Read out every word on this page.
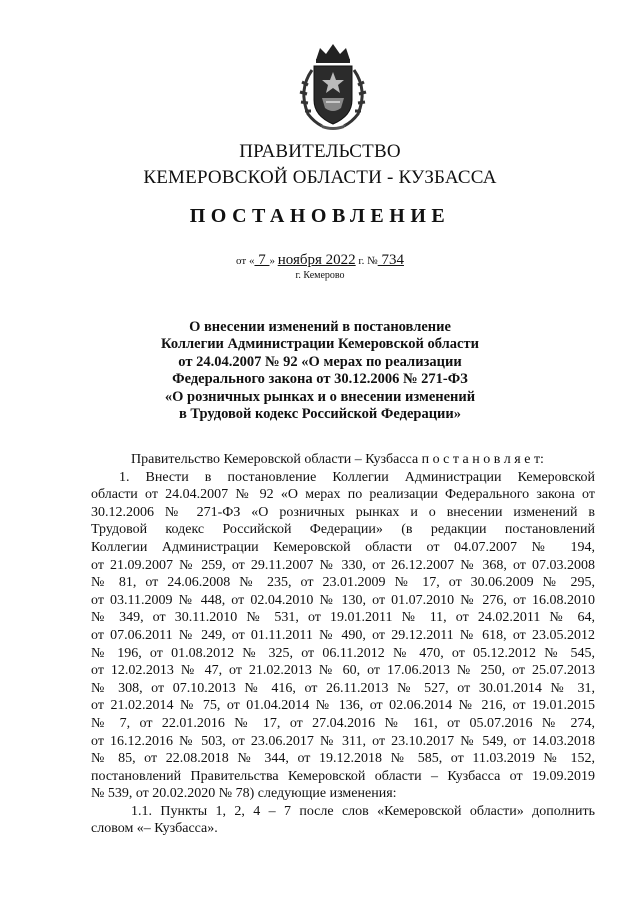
ПРАВИТЕЛЬСТВО
КЕМЕРОВСКОЙ ОБЛАСТИ - КУЗБАССА
ПОСТАНОВЛЕНИЕ
от « 7 » ноября 2022 г. № 734
г. Кемерово
О внесении изменений в постановление
Коллегии Администрации Кемеровской области
от 24.04.2007 № 92 «О мерах по реализации
Федерального закона от 30.12.2006 № 271-ФЗ
«О розничных рынках и о внесении изменений
в Трудовой кодекс Российской Федерации»
Правительство Кемеровской области – Кузбасса п о с т а н о в л я е т:
1. Внести в постановление Коллегии Администрации Кемеровской
области от 24.04.2007 № 92 «О мерах по реализации Федерального закона от
30.12.2006 № 271-ФЗ «О розничных рынках и о внесении изменений в
Трудовой кодекс Российской Федерации» (в редакции постановлений
Коллегии Администрации Кемеровской области от 04.07.2007 № 194,
от 21.09.2007 № 259, от 29.11.2007 № 330, от 26.12.2007 № 368, от 07.03.2008
№ 81, от 24.06.2008 № 235, от 23.01.2009 № 17, от 30.06.2009 № 295,
от 03.11.2009 № 448, от 02.04.2010 № 130, от 01.07.2010 № 276, от 16.08.2010
№ 349, от 30.11.2010 № 531, от 19.01.2011 № 11, от 24.02.2011 № 64,
от 07.06.2011 № 249, от 01.11.2011 № 490, от 29.12.2011 № 618, от 23.05.2012
№ 196, от 01.08.2012 № 325, от 06.11.2012 № 470, от 05.12.2012 № 545,
от 12.02.2013 № 47, от 21.02.2013 № 60, от 17.06.2013 № 250, от 25.07.2013
№ 308, от 07.10.2013 № 416, от 26.11.2013 № 527, от 30.01.2014 № 31,
от 21.02.2014 № 75, от 01.04.2014 № 136, от 02.06.2014 № 216, от 19.01.2015
№ 7, от 22.01.2016 № 17, от 27.04.2016 № 161, от 05.07.2016 № 274,
от 16.12.2016 № 503, от 23.06.2017 № 311, от 23.10.2017 № 549, от 14.03.2018
№ 85, от 22.08.2018 № 344, от 19.12.2018 № 585, от 11.03.2019 № 152,
постановлений Правительства Кемеровской области – Кузбасса от 19.09.2019
№ 539, от 20.02.2020 № 78) следующие изменения:
1.1. Пункты 1, 2, 4 – 7 после слов «Кемеровской области» дополнить
словом «– Кузбасса».
